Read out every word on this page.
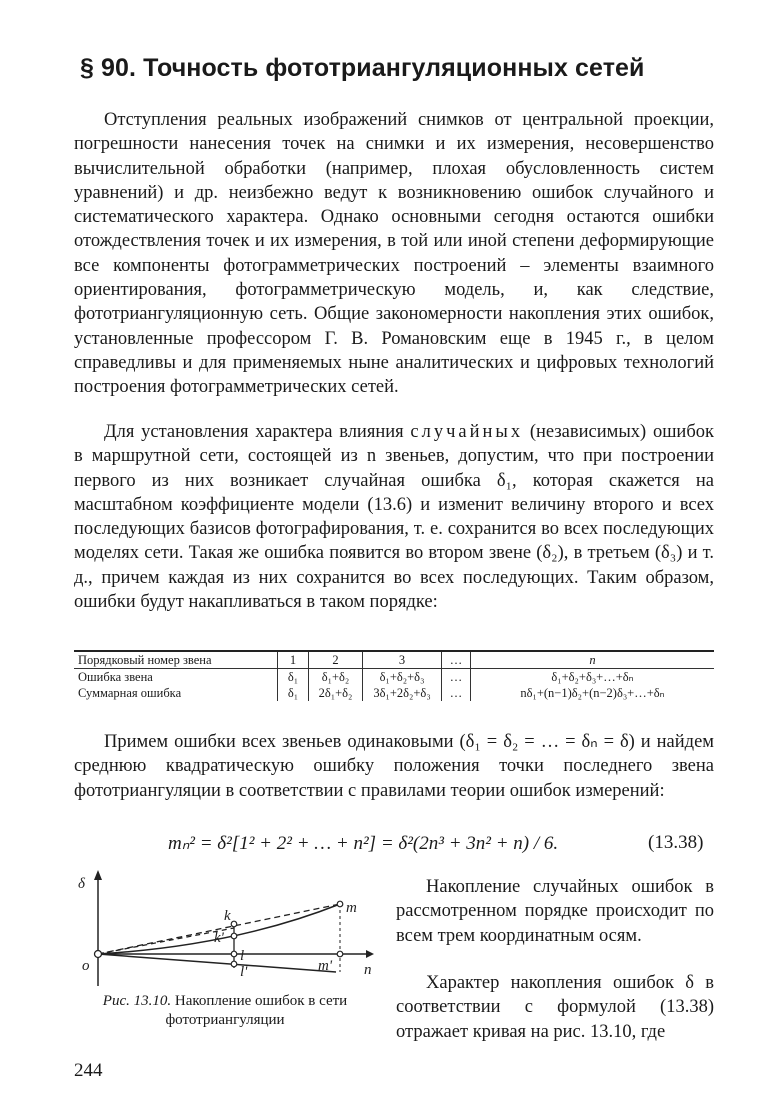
§ 90. Точность фототриангуляционных сетей

Отступления реальных изображений снимков от центральной проекции, погрешности нанесения точек на снимки и их измерения, несовершенство вычислительной обработки (например, плохая обусловленность систем уравнений) и др. неизбежно ведут к возникновению ошибок случайного и систематического характера. Однако основными сегодня остаются ошибки отождествления точек и их измерения, в той или иной степени деформирующие все компоненты фотограмметрических построений – элементы взаимного ориентирования, фотограмметрическую модель, и, как следствие, фототриангуляционную сеть. Общие закономерности накопления этих ошибок, установленные профессором Г. В. Романовским еще в 1945 г., в целом справедливы и для применяемых ныне аналитических и цифровых технологий построения фотограмметрических сетей.

Для установления характера влияния случайных (независимых) ошибок в маршрутной сети, состоящей из n звеньев, допустим, что при построении первого из них возникает случайная ошибка δ₁, которая скажется на масштабном коэффициенте модели (13.6) и изменит величину второго и всех последующих базисов фотографирования, т. е. сохранится во всех последующих моделях сети. Такая же ошибка появится во втором звене (δ₂), в третьем (δ₃) и т. д., причем каждая из них сохранится во всех последующих. Таким образом, ошибки будут накапливаться в таком порядке:

Порядковый номер звена	1	2	3	…	n
Ошибка звена	δ₁	δ₁+δ₂	δ₁+δ₂+δ₃	…	δ₁+δ₂+δ₃+…+δₙ
Суммарная ошибка	δ₁	2δ₁+δ₂	3δ₁+2δ₂+δ₃	…	nδ₁+(n−1)δ₂+(n−2)δ₃+…+δₙ

Примем ошибки всех звеньев одинаковыми (δ₁ = δ₂ = … = δₙ = δ) и найдем среднюю квадратическую ошибку положения точки последнего звена фототриангуляции в соответствии с правилами теории ошибок измерений:

mₙ² = δ²[1² + 2² + … + n²] = δ²(2n³ + 3n² + n) / 6.	(13.38)
δ
o
k
k'
l
l'
m
m' n
Рис. 13.10. Накопление ошибок в сети фототриангуляции

Накопление случайных ошибок в рассмотренном порядке происходит по всем трем координатным осям.

Характер накопления ошибок δ в соответствии с формулой (13.38) отражает кривая на рис. 13.10, где

244
